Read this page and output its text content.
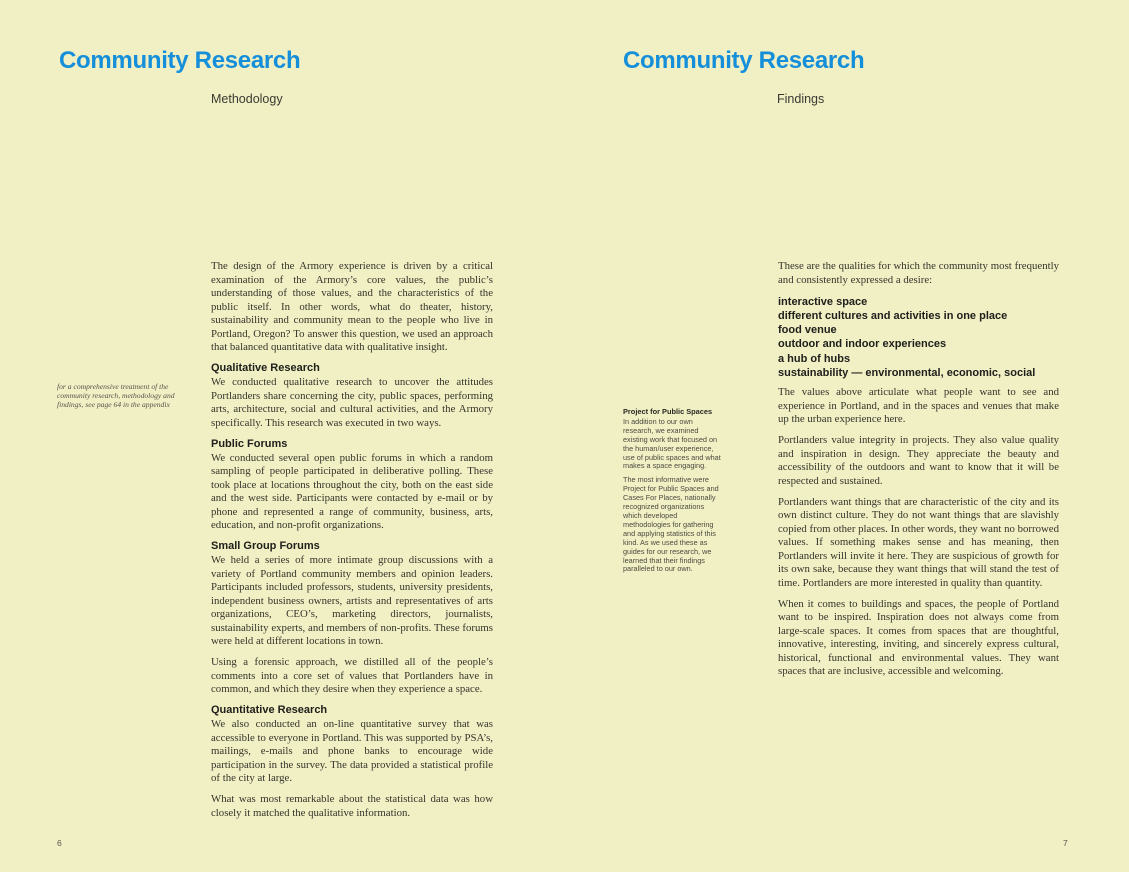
Community Research
Methodology
for a comprehensive treatment of the community research, methodology and findings, see page 64 in the appendix

The design of the Armory experience is driven by a critical examination of the Armory’s core values, the public’s understanding of those values, and the characteristics of the public itself. In other words, what do theater, history, sustainability and community mean to the people who live in Portland, Oregon? To answer this question, we used an approach that balanced quantitative data with qualitative insight.

Qualitative Research

We conducted qualitative research to uncover the attitudes Portlanders share concerning the city, public spaces, performing arts, architecture, social and cultural activities, and the Armory specifically. This research was executed in two ways.

Public Forums

We conducted several open public forums in which a random sampling of people participated in deliberative polling. These took place at locations throughout the city, both on the east side and the west side. Participants were contacted by e-mail or by phone and represented a range of community, business, arts, education, and non-profit organizations.

Small Group Forums

We held a series of more intimate group discussions with a variety of Portland community members and opinion leaders. Participants included professors, students, university presidents, independent business owners, artists and representatives of arts organizations, CEO’s, marketing directors, journalists, sustainability experts, and members of non-profits. These forums were held at different locations in town.

Using a forensic approach, we distilled all of the people’s comments into a core set of values that Portlanders have in common, and which they desire when they experience a space.

Quantitative Research

We also conducted an on-line quantitative survey that was accessible to everyone in Portland. This was supported by PSA’s, mailings, e-mails and phone banks to encourage wide participation in the survey. The data provided a statistical profile of the city at large.

What was most remarkable about the statistical data was how closely it matched the qualitative information.

6
Community Research
Findings
Project for Public Spaces

In addition to our own research, we examined existing work that focused on the human/user experience, use of public spaces and what makes a space engaging.

The most informative were Project for Public Spaces and Cases For Places, nationally recognized organizations which developed methodologies for gathering and applying statistics of this kind. As we used these as guides for our research, we learned that their findings paralleled to our own.

These are the qualities for which the community most frequently and consistently expressed a desire:

interactive space
different cultures and activities in one place
food venue
outdoor and indoor experiences
a hub of hubs
sustainability — environmental, economic, social

The values above articulate what people want to see and experience in Portland, and in the spaces and venues that make up the urban experience here.

Portlanders value integrity in projects. They also value quality and inspiration in design. They appreciate the beauty and accessibility of the outdoors and want to know that it will be respected and sustained.

Portlanders want things that are characteristic of the city and its own distinct culture. They do not want things that are slavishly copied from other places. In other words, they want no borrowed values. If something makes sense and has meaning, then Portlanders will invite it here. They are suspicious of growth for its own sake, because they want things that will stand the test of time. Portlanders are more interested in quality than quantity.

When it comes to buildings and spaces, the people of Portland want to be inspired. Inspiration does not always come from large-scale spaces. It comes from spaces that are thoughtful, innovative, interesting, inviting, and sincerely express cultural, historical, functional and environmental values. They want spaces that are inclusive, accessible and welcoming.

7
